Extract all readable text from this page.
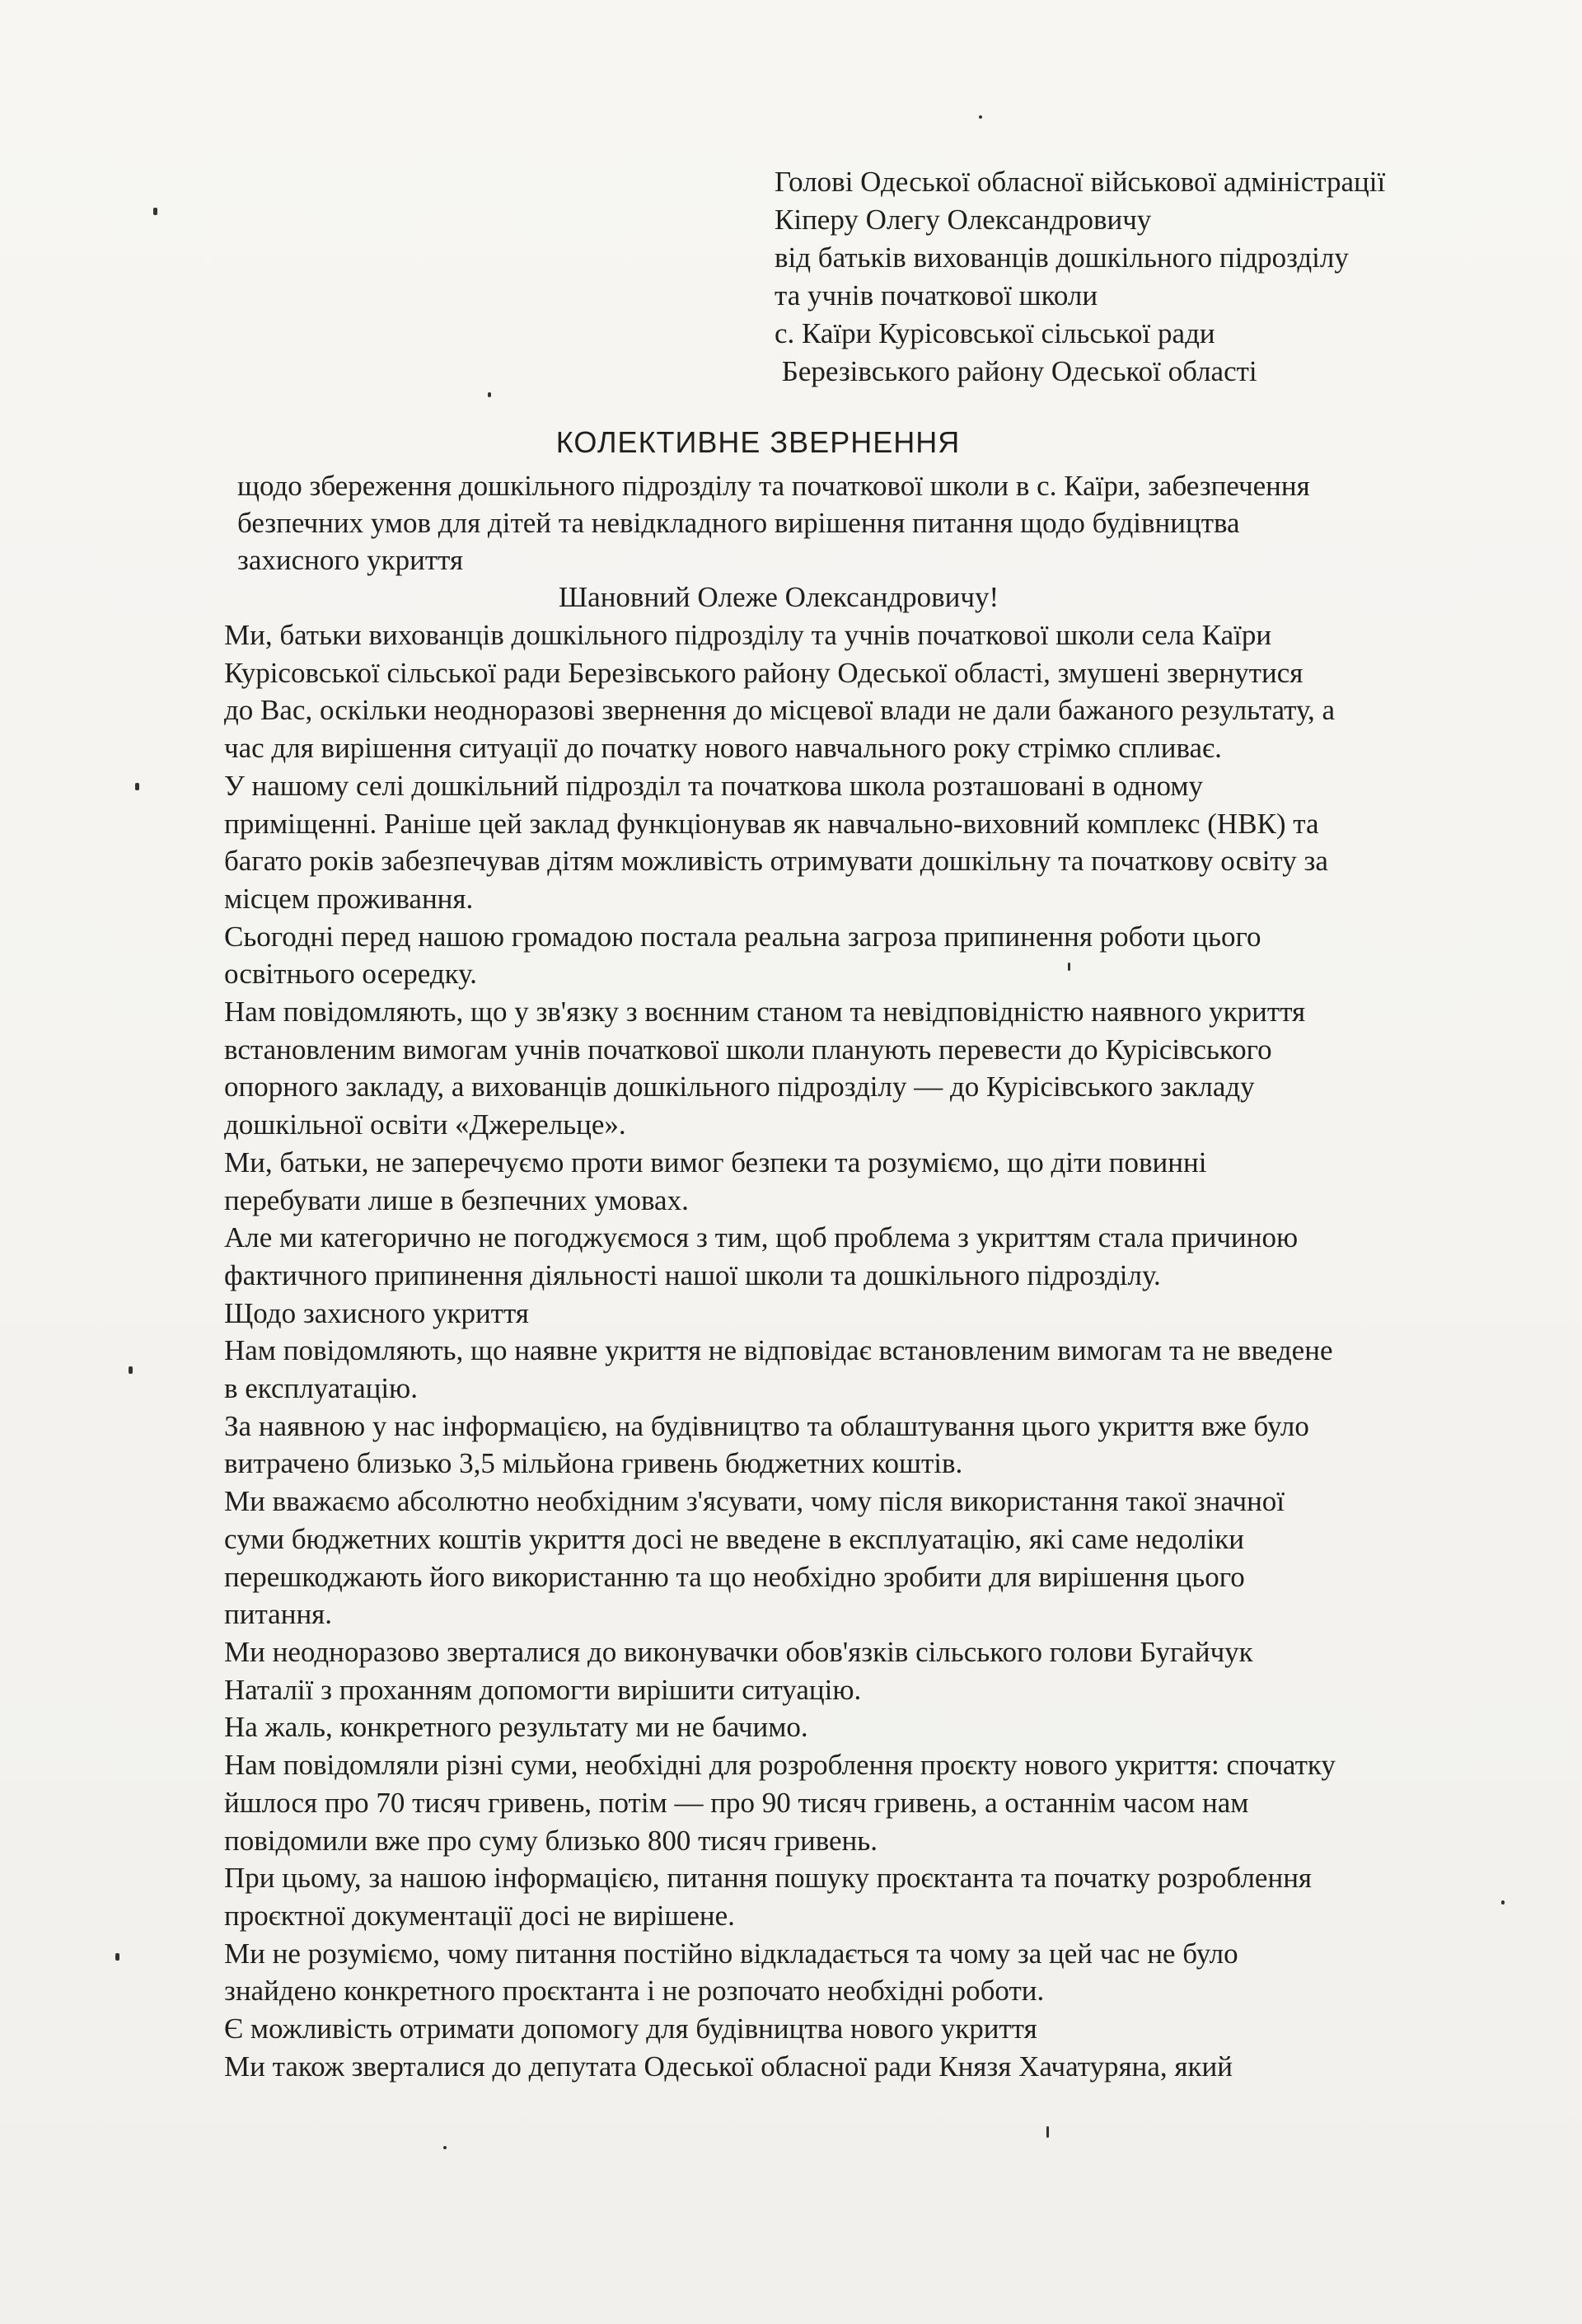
Голові Одеської обласної військової адміністрації
Кіперу Олегу Олександровичу
від батьків вихованців дошкільного підрозділу
та учнів початкової школи
с. Каїри Курісовської сільської ради
Березівського району Одеської області
КОЛЕКТИВНЕ ЗВЕРНЕННЯ
щодо збереження дошкільного підрозділу та початкової школи в с. Каїри, забезпечення
безпечних умов для дітей та невідкладного вирішення питання щодо будівництва
захисного укриття
Шановний Олеже Олександровичу!
Ми, батьки вихованців дошкільного підрозділу та учнів початкової школи села Каїри
Курісовської сільської ради Березівського району Одеської області, змушені звернутися
до Вас, оскільки неодноразові звернення до місцевої влади не дали бажаного результату, а
час для вирішення ситуації до початку нового навчального року стрімко спливає.
У нашому селі дошкільний підрозділ та початкова школа розташовані в одному
приміщенні. Раніше цей заклад функціонував як навчально-виховний комплекс (НВК) та
багато років забезпечував дітям можливість отримувати дошкільну та початкову освіту за
місцем проживання.
Сьогодні перед нашою громадою постала реальна загроза припинення роботи цього
освітнього осередку.
Нам повідомляють, що у зв'язку з воєнним станом та невідповідністю наявного укриття
встановленим вимогам учнів початкової школи планують перевести до Курісівського
опорного закладу, а вихованців дошкільного підрозділу — до Курісівського закладу
дошкільної освіти «Джерельце».
Ми, батьки, не заперечуємо проти вимог безпеки та розуміємо, що діти повинні
перебувати лише в безпечних умовах.
Але ми категорично не погоджуємося з тим, щоб проблема з укриттям стала причиною
фактичного припинення діяльності нашої школи та дошкільного підрозділу.
Щодо захисного укриття
Нам повідомляють, що наявне укриття не відповідає встановленим вимогам та не введене
в експлуатацію.
За наявною у нас інформацією, на будівництво та облаштування цього укриття вже було
витрачено близько 3,5 мільйона гривень бюджетних коштів.
Ми вважаємо абсолютно необхідним з'ясувати, чому після використання такої значної
суми бюджетних коштів укриття досі не введене в експлуатацію, які саме недоліки
перешкоджають його використанню та що необхідно зробити для вирішення цього
питання.
Ми неодноразово зверталися до виконувачки обов'язків сільського голови Бугайчук
Наталії з проханням допомогти вирішити ситуацію.
На жаль, конкретного результату ми не бачимо.
Нам повідомляли різні суми, необхідні для розроблення проєкту нового укриття: спочатку
йшлося про 70 тисяч гривень, потім — про 90 тисяч гривень, а останнім часом нам
повідомили вже про суму близько 800 тисяч гривень.
При цьому, за нашою інформацією, питання пошуку проєктанта та початку розроблення
проєктної документації досі не вирішене.
Ми не розуміємо, чому питання постійно відкладається та чому за цей час не було
знайдено конкретного проєктанта і не розпочато необхідні роботи.
Є можливість отримати допомогу для будівництва нового укриття
Ми також зверталися до депутата Одеської обласної ради Князя Хачатуряна, який
